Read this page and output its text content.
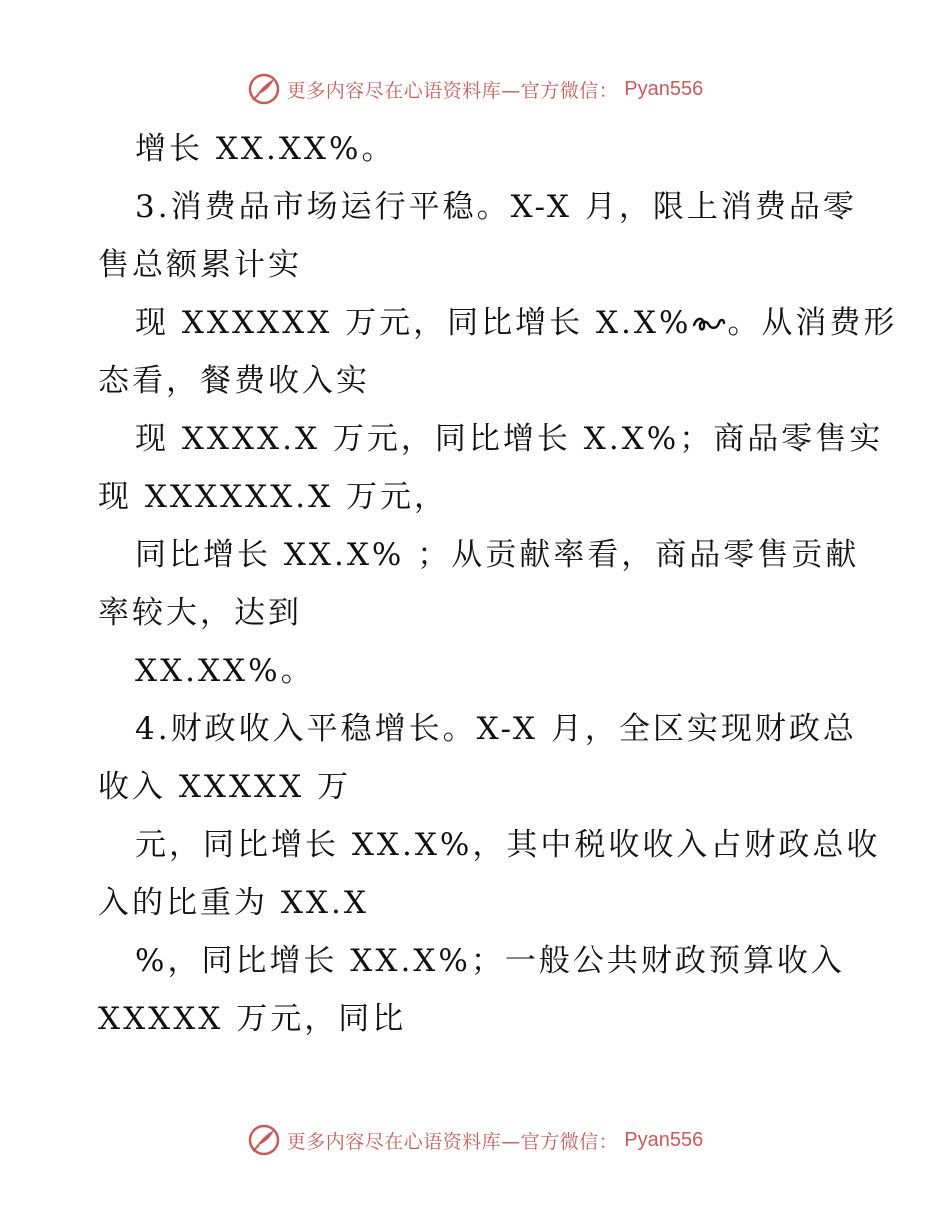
更多内容尽在心语资料库—官方微信： Pyan556
增长 XX.XX%。
3.消费品市场运行平稳。X-X 月，限上消费品零
售总额累计实
现 XXXXXX 万元，同比增长 X.X% 。从消费形
态看，餐费收入实
现 XXXX.X 万元，同比增长 X.X%；商品零售实
现 XXXXXX.X 万元，
同比增长 XX.X% ；从贡献率看，商品零售贡献
率较大，达到
XX.XX%。
4.财政收入平稳增长。X-X 月，全区实现财政总
收入 XXXXX 万
元，同比增长 XX.X%，其中税收收入占财政总收
入的比重为 XX.X
%，同比增长 XX.X%；一般公共财政预算收入
XXXXX 万元，同比
更多内容尽在心语资料库—官方微信： Pyan556
